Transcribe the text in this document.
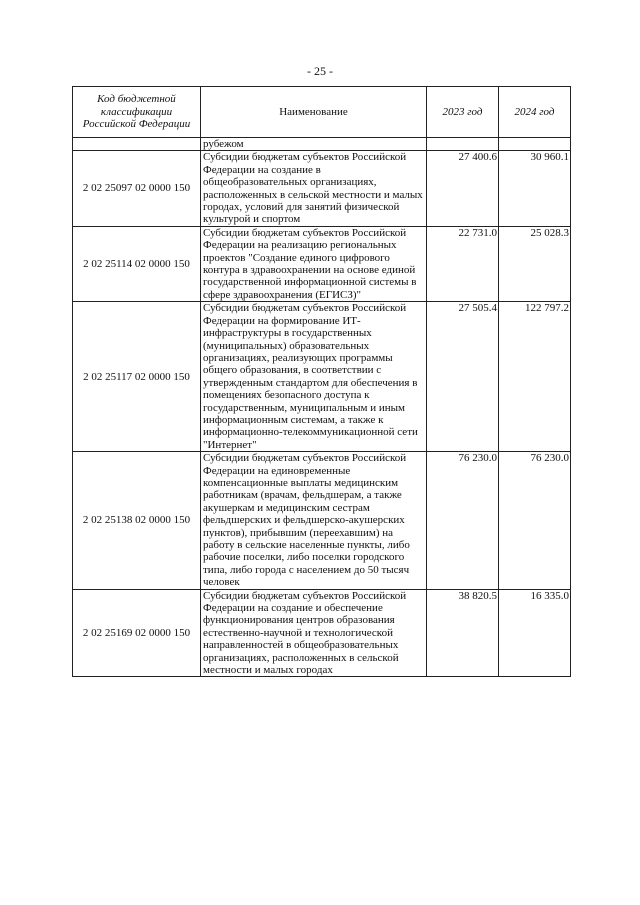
- 25 -
Код бюджетной классификации Российской Федерации	Наименование	2023 год	2024 год
	рубежом		
2 02 25097 02 0000 150	Субсидии бюджетам субъектов Российской Федерации на создание в общеобразовательных организациях, расположенных в сельской местности и малых городах, условий для занятий физической культурой и спортом	27 400.6	30 960.1
2 02 25114 02 0000 150	Субсидии бюджетам субъектов Российской Федерации на реализацию региональных проектов "Создание единого цифрового контура в здравоохранении на основе единой государственной информационной системы в сфере здравоохранения (ЕГИСЗ)"	22 731.0	25 028.3
2 02 25117 02 0000 150	Субсидии бюджетам субъектов Российской Федерации на формирование ИТ-инфраструктуры в государственных (муниципальных) образовательных организациях, реализующих программы общего образования, в соответствии с утвержденным стандартом для обеспечения в помещениях безопасного доступа к государственным, муниципальным и иным информационным системам, а также к информационно-телекоммуникационной сети "Интернет"	27 505.4	122 797.2
2 02 25138 02 0000 150	Субсидии бюджетам субъектов Российской Федерации на единовременные компенсационные выплаты медицинским работникам (врачам, фельдшерам, а также акушеркам и медицинским сестрам фельдшерских и фельдшерско-акушерских пунктов), прибывшим (переехавшим) на работу в сельские населенные пункты, либо рабочие поселки, либо поселки городского типа, либо города с населением до 50 тысяч человек	76 230.0	76 230.0
2 02 25169 02 0000 150	Субсидии бюджетам субъектов Российской Федерации на создание и обеспечение функционирования центров образования естественно-научной и технологической направленностей в общеобразовательных организациях, расположенных в сельской местности и малых городах	38 820.5	16 335.0
